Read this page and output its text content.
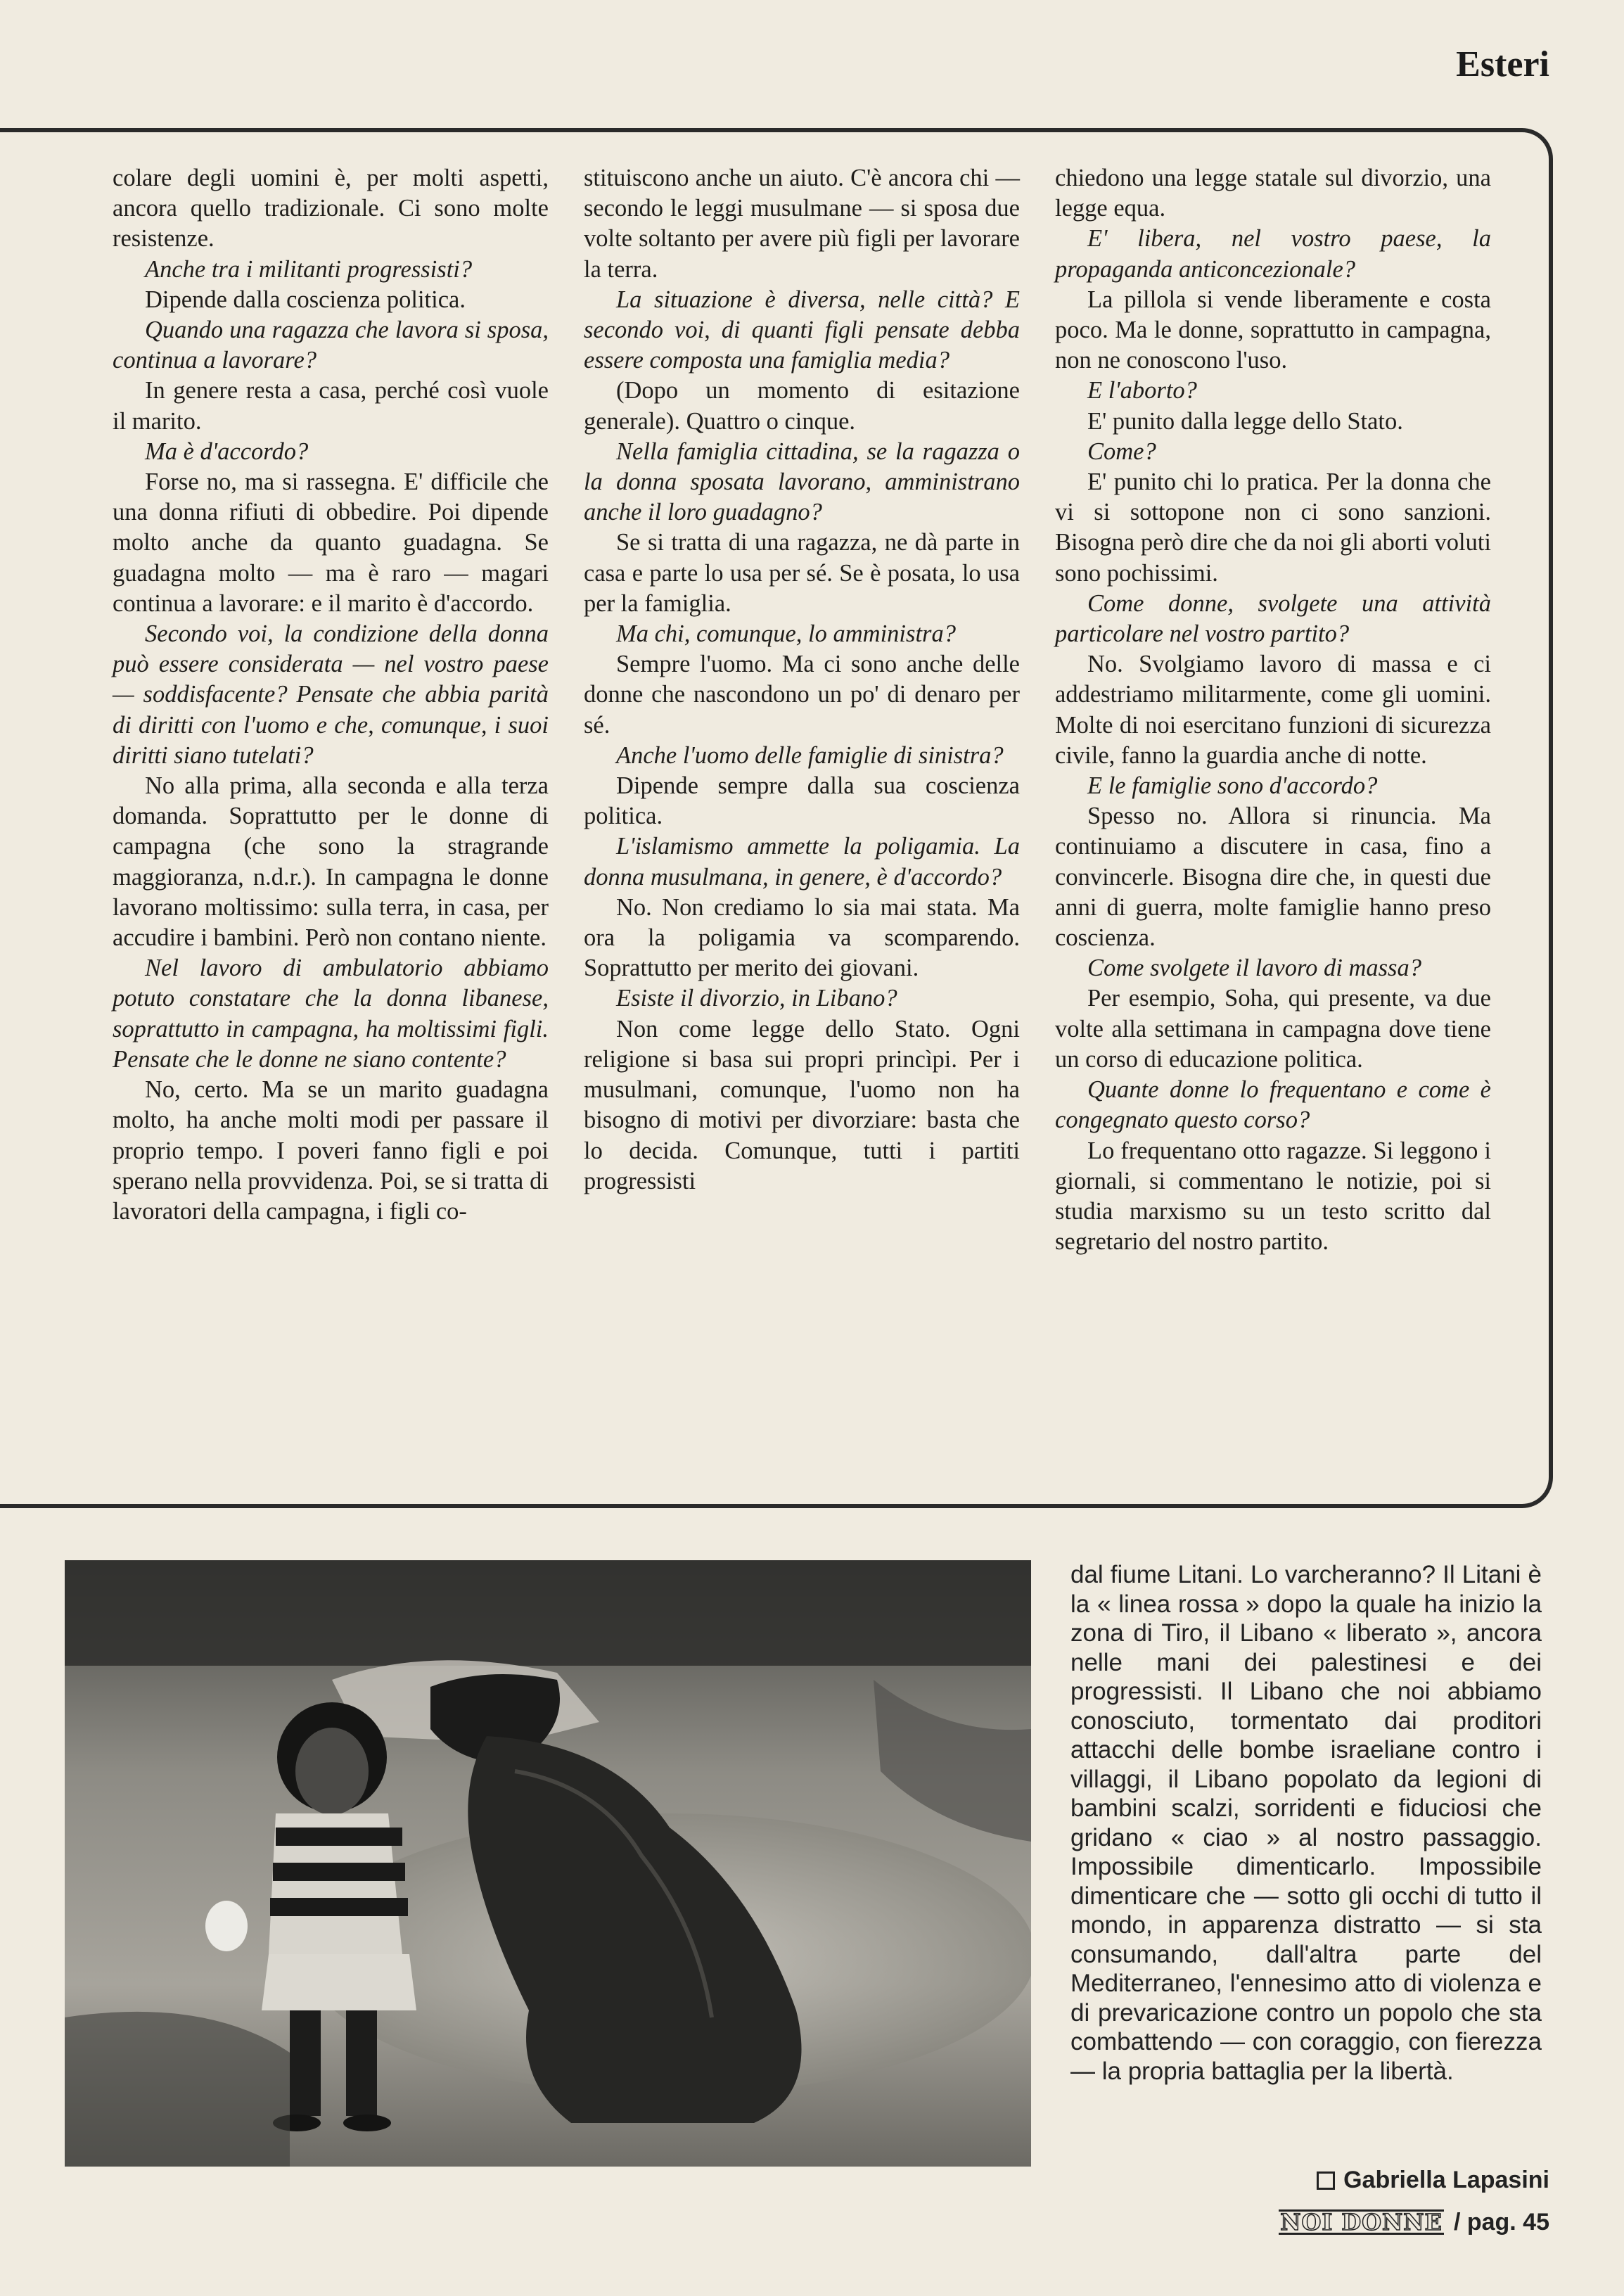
Esteri

colare degli uomini è, per molti aspetti, ancora quello tradizionale. Ci sono molte resistenze.

Anche tra i militanti progressisti?

Dipende dalla coscienza politica.

Quando una ragazza che lavora si sposa, continua a lavorare?

In genere resta a casa, perché così vuole il marito.

Ma è d'accordo?

Forse no, ma si rassegna. E' difficile che una donna rifiuti di obbedire. Poi dipende molto anche da quanto guadagna. Se guadagna molto — ma è raro — magari continua a lavorare: e il marito è d'accordo.

Secondo voi, la condizione della donna può essere considerata — nel vostro paese — soddisfacente? Pensate che abbia parità di diritti con l'uomo e che, comunque, i suoi diritti siano tutelati?

No alla prima, alla seconda e alla terza domanda. Soprattutto per le donne di campagna (che sono la stragrande maggioranza, n.d.r.). In campagna le donne lavorano moltissimo: sulla terra, in casa, per accudire i bambini. Però non contano niente.

Nel lavoro di ambulatorio abbiamo potuto constatare che la donna libanese, soprattutto in campagna, ha moltissimi figli. Pensate che le donne ne siano contente?

No, certo. Ma se un marito guadagna molto, ha anche molti modi per passare il proprio tempo. I poveri fanno figli e poi sperano nella provvidenza. Poi, se si tratta di lavoratori della campagna, i figli co-

stituiscono anche un aiuto. C'è ancora chi — secondo le leggi musulmane — si sposa due volte soltanto per avere più figli per lavorare la terra.

La situazione è diversa, nelle città? E secondo voi, di quanti figli pensate debba essere composta una famiglia media?

(Dopo un momento di esitazione generale). Quattro o cinque.

Nella famiglia cittadina, se la ragazza o la donna sposata lavorano, amministrano anche il loro guadagno?

Se si tratta di una ragazza, ne dà parte in casa e parte lo usa per sé. Se è posata, lo usa per la famiglia.

Ma chi, comunque, lo amministra?

Sempre l'uomo. Ma ci sono anche delle donne che nascondono un po' di denaro per sé.

Anche l'uomo delle famiglie di sinistra?

Dipende sempre dalla sua coscienza politica.

L'islamismo ammette la poligamia. La donna musulmana, in genere, è d'accordo?

No. Non crediamo lo sia mai stata. Ma ora la poligamia va scomparendo. Soprattutto per merito dei giovani.

Esiste il divorzio, in Libano?

Non come legge dello Stato. Ogni religione si basa sui propri princìpi. Per i musulmani, comunque, l'uomo non ha bisogno di motivi per divorziare: basta che lo decida. Comunque, tutti i partiti progressisti

chiedono una legge statale sul divorzio, una legge equa.

E' libera, nel vostro paese, la propaganda anticoncezionale?

La pillola si vende liberamente e costa poco. Ma le donne, soprattutto in campagna, non ne conoscono l'uso.

E l'aborto?

E' punito dalla legge dello Stato.

Come?

E' punito chi lo pratica. Per la donna che vi si sottopone non ci sono sanzioni. Bisogna però dire che da noi gli aborti voluti sono pochissimi.

Come donne, svolgete una attività particolare nel vostro partito?

No. Svolgiamo lavoro di massa e ci addestriamo militarmente, come gli uomini. Molte di noi esercitano funzioni di sicurezza civile, fanno la guardia anche di notte.

E le famiglie sono d'accordo?

Spesso no. Allora si rinuncia. Ma continuiamo a discutere in casa, fino a convincerle. Bisogna dire che, in questi due anni di guerra, molte famiglie hanno preso coscienza.

Come svolgete il lavoro di massa?

Per esempio, Soha, qui presente, va due volte alla settimana in campagna dove tiene un corso di educazione politica.

Quante donne lo frequentano e come è congegnato questo corso?

Lo frequentano otto ragazze. Si leggono i giornali, si commentano le notizie, poi si studia marxismo su un testo scritto dal segretario del nostro partito.

dal fiume Litani. Lo varcheranno? Il Litani è la « linea rossa » dopo la quale ha inizio la zona di Tiro, il Libano « liberato », ancora nelle mani dei palestinesi e dei progressisti. Il Libano che noi abbiamo conosciuto, tormentato dai proditori attacchi delle bombe israeliane contro i villaggi, il Libano popolato da legioni di bambini scalzi, sorridenti e fiduciosi che gridano « ciao » al nostro passaggio. Impossibile dimenticarlo. Impossibile dimenticare che — sotto gli occhi di tutto il mondo, in apparenza distratto — si sta consumando, dall'altra parte del Mediterraneo, l'ennesimo atto di violenza e di prevaricazione contro un popolo che sta combattendo — con coraggio, con fierezza — la propria battaglia per la libertà.

Gabriella Lapasini
NOI DONNE / pag. 45
